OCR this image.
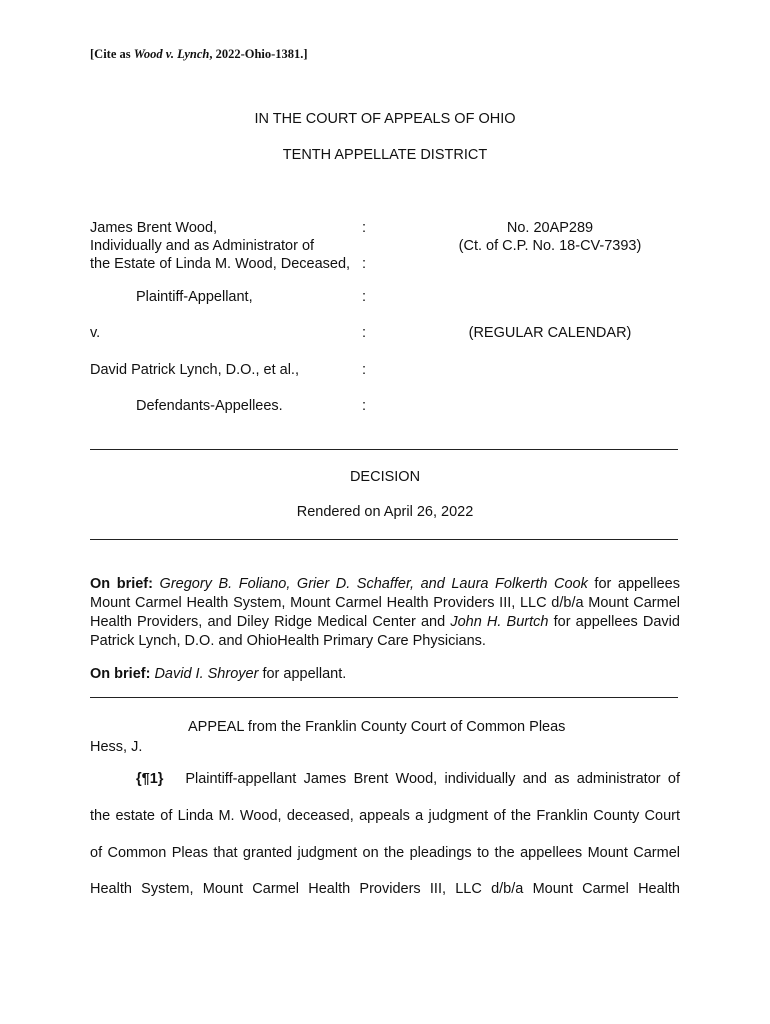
[Cite as Wood v. Lynch, 2022-Ohio-1381.]
IN THE COURT OF APPEALS OF OHIO
TENTH APPELLATE DISTRICT
James Brent Wood,
Individually and as Administrator of
the Estate of Linda M. Wood, Deceased,
Plaintiff-Appellant,
v.
David Patrick Lynch, D.O., et al.,
Defendants-Appellees.
:
:
:
:
:
:
No. 20AP289
(Ct. of C.P. No. 18-CV-7393)
(REGULAR CALENDAR)
DECISION
Rendered on April 26, 2022
On brief: Gregory B. Foliano, Grier D. Schaffer, and Laura Folkerth Cook for appellees Mount Carmel Health System, Mount Carmel Health Providers III, LLC d/b/a Mount Carmel Health Providers, and Diley Ridge Medical Center and John H. Burtch for appellees David Patrick Lynch, D.O. and OhioHealth Primary Care Physicians.
On brief: David I. Shroyer for appellant.
APPEAL from the Franklin County Court of Common Pleas
Hess, J.
{¶1} Plaintiff-appellant James Brent Wood, individually and as administrator of
the estate of Linda M. Wood, deceased, appeals a judgment of the Franklin County Court
of Common Pleas that granted judgment on the pleadings to the appellees Mount Carmel
Health System, Mount Carmel Health Providers III, LLC d/b/a Mount Carmel Health
